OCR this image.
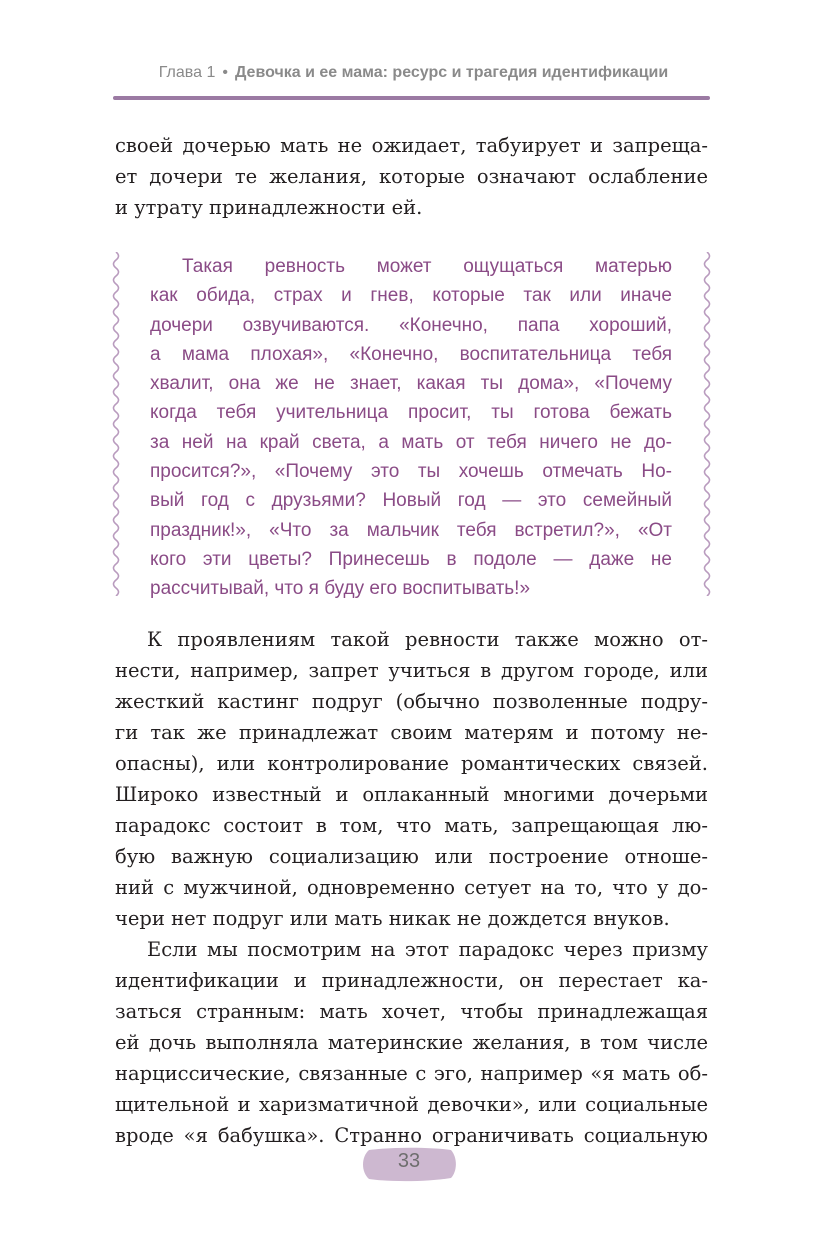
Глава 1 • Девочка и ее мама: ресурс и трагедия идентификации
своей дочерью мать не ожидает, табуирует и запреща-
ет дочери те желания, которые означают ослабление
и утрату принадлежности ей.
Такая ревность может ощущаться матерью
как обида, страх и гнев, которые так или иначе
дочери озвучиваются. «Конечно, папа хороший,
а мама плохая», «Конечно, воспитательница тебя
хвалит, она же не знает, какая ты дома», «Почему
когда тебя учительница просит, ты готова бежать
за ней на край света, а мать от тебя ничего не до-
просится?», «Почему это ты хочешь отмечать Но-
вый год с друзьями? Новый год — это семейный
праздник!», «Что за мальчик тебя встретил?», «От
кого эти цветы? Принесешь в подоле — даже не
рассчитывай, что я буду его воспитывать!»
К проявлениям такой ревности также можно от-
нести, например, запрет учиться в другом городе, или
жесткий кастинг подруг (обычно позволенные подру-
ги так же принадлежат своим матерям и потому не-
опасны), или контролирование романтических связей.
Широко известный и оплаканный многими дочерьми
парадокс состоит в том, что мать, запрещающая лю-
бую важную социализацию или построение отноше-
ний с мужчиной, одновременно сетует на то, что у до-
чери нет подруг или мать никак не дождется внуков.
Если мы посмотрим на этот парадокс через призму
идентификации и принадлежности, он перестает ка-
заться странным: мать хочет, чтобы принадлежащая
ей дочь выполняла материнские желания, в том числе
нарциссические, связанные с эго, например «я мать об-
щительной и харизматичной девочки», или социальные
вроде «я бабушка». Странно ограничивать социальную
33
